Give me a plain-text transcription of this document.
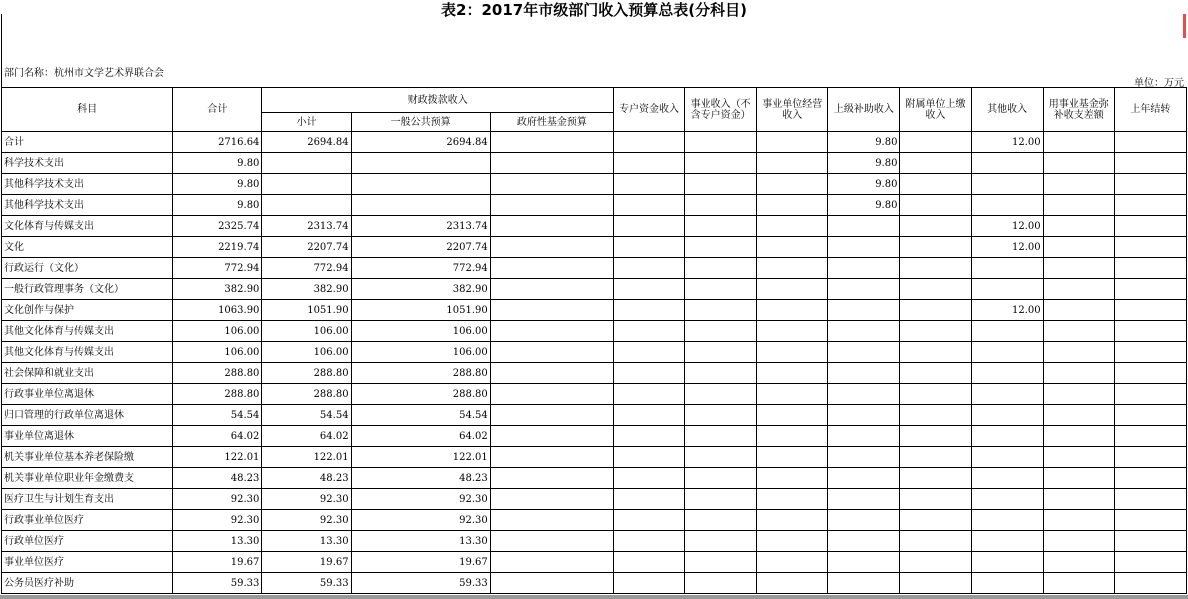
表2：2017年市级部门收入预算总表(分科目)
部门名称：杭州市文学艺术界联合会
单位：万元
科目	合计	财政拨款收入			专户资金收入	事业收入（不含专户资金）	事业单位经营收入	上级补助收入	附属单位上缴收入	其他收入	用事业基金弥补收支差额	上年结转
		小计	一般公共预算	政府性基金预算								
合计	2716.64	2694.84	2694.84					9.80		12.00		
科学技术支出	9.80							9.80				
其他科学技术支出	9.80							9.80				
其他科学技术支出	9.80							9.80				
文化体育与传媒支出	2325.74	2313.74	2313.74							12.00		
文化	2219.74	2207.74	2207.74							12.00		
行政运行（文化）	772.94	772.94	772.94									
一般行政管理事务（文化）	382.90	382.90	382.90									
文化创作与保护	1063.90	1051.90	1051.90							12.00		
其他文化体育与传媒支出	106.00	106.00	106.00									
其他文化体育与传媒支出	106.00	106.00	106.00									
社会保障和就业支出	288.80	288.80	288.80									
行政事业单位离退休	288.80	288.80	288.80									
归口管理的行政单位离退休	54.54	54.54	54.54									
事业单位离退休	64.02	64.02	64.02									
机关事业单位基本养老保险缴	122.01	122.01	122.01									
机关事业单位职业年金缴费支	48.23	48.23	48.23									
医疗卫生与计划生育支出	92.30	92.30	92.30									
行政事业单位医疗	92.30	92.30	92.30									
行政单位医疗	13.30	13.30	13.30									
事业单位医疗	19.67	19.67	19.67									
公务员医疗补助	59.33	59.33	59.33									
